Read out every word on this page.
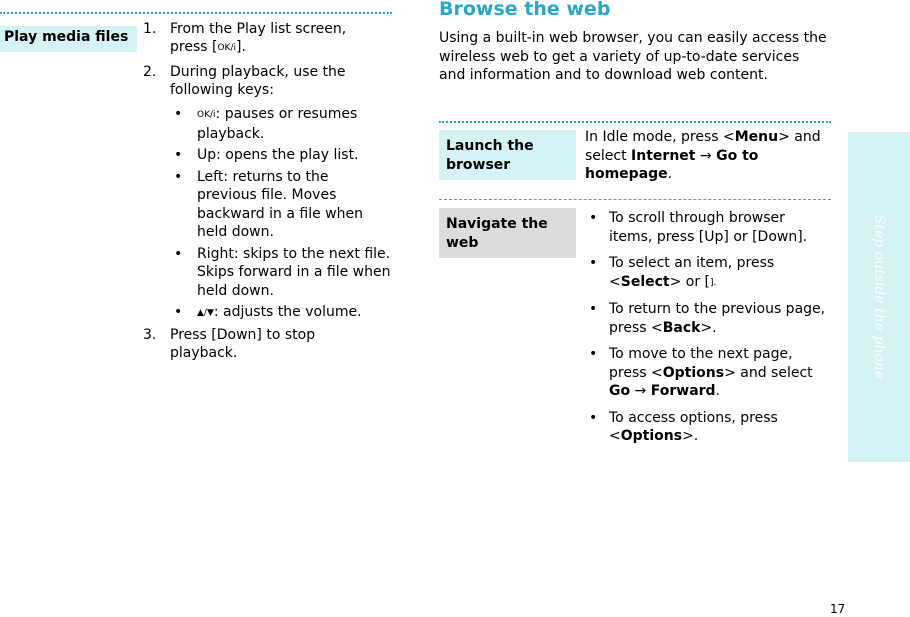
Play media files	1. From the Play list screen,
press [OK/i].
2. During playback, use the following keys:
• OK/i: pauses or resumes playback.
• Up: opens the play list.
• Left: returns to the previous file. Moves backward in a file when held down.
• Right: skips to the next file. Skips forward in a file when held down.
• ▲/▼: adjusts the volume.
3. Press [Down] to stop playback.
Browse the web
Using a built-in web browser, you can easily access the wireless web to get a variety of up-to-date services and information and to download web content.
Launch the browser
In Idle mode, press <Menu> and select Internet → Go to homepage.
Navigate the web
• To scroll through browser items, press [Up] or [Down].
• To select an item, press <Select> or [].
• To return to the previous page, press <Back>.
• To move to the next page, press <Options> and select Go → Forward.
• To access options, press <Options>.
Step outside the phone
17
